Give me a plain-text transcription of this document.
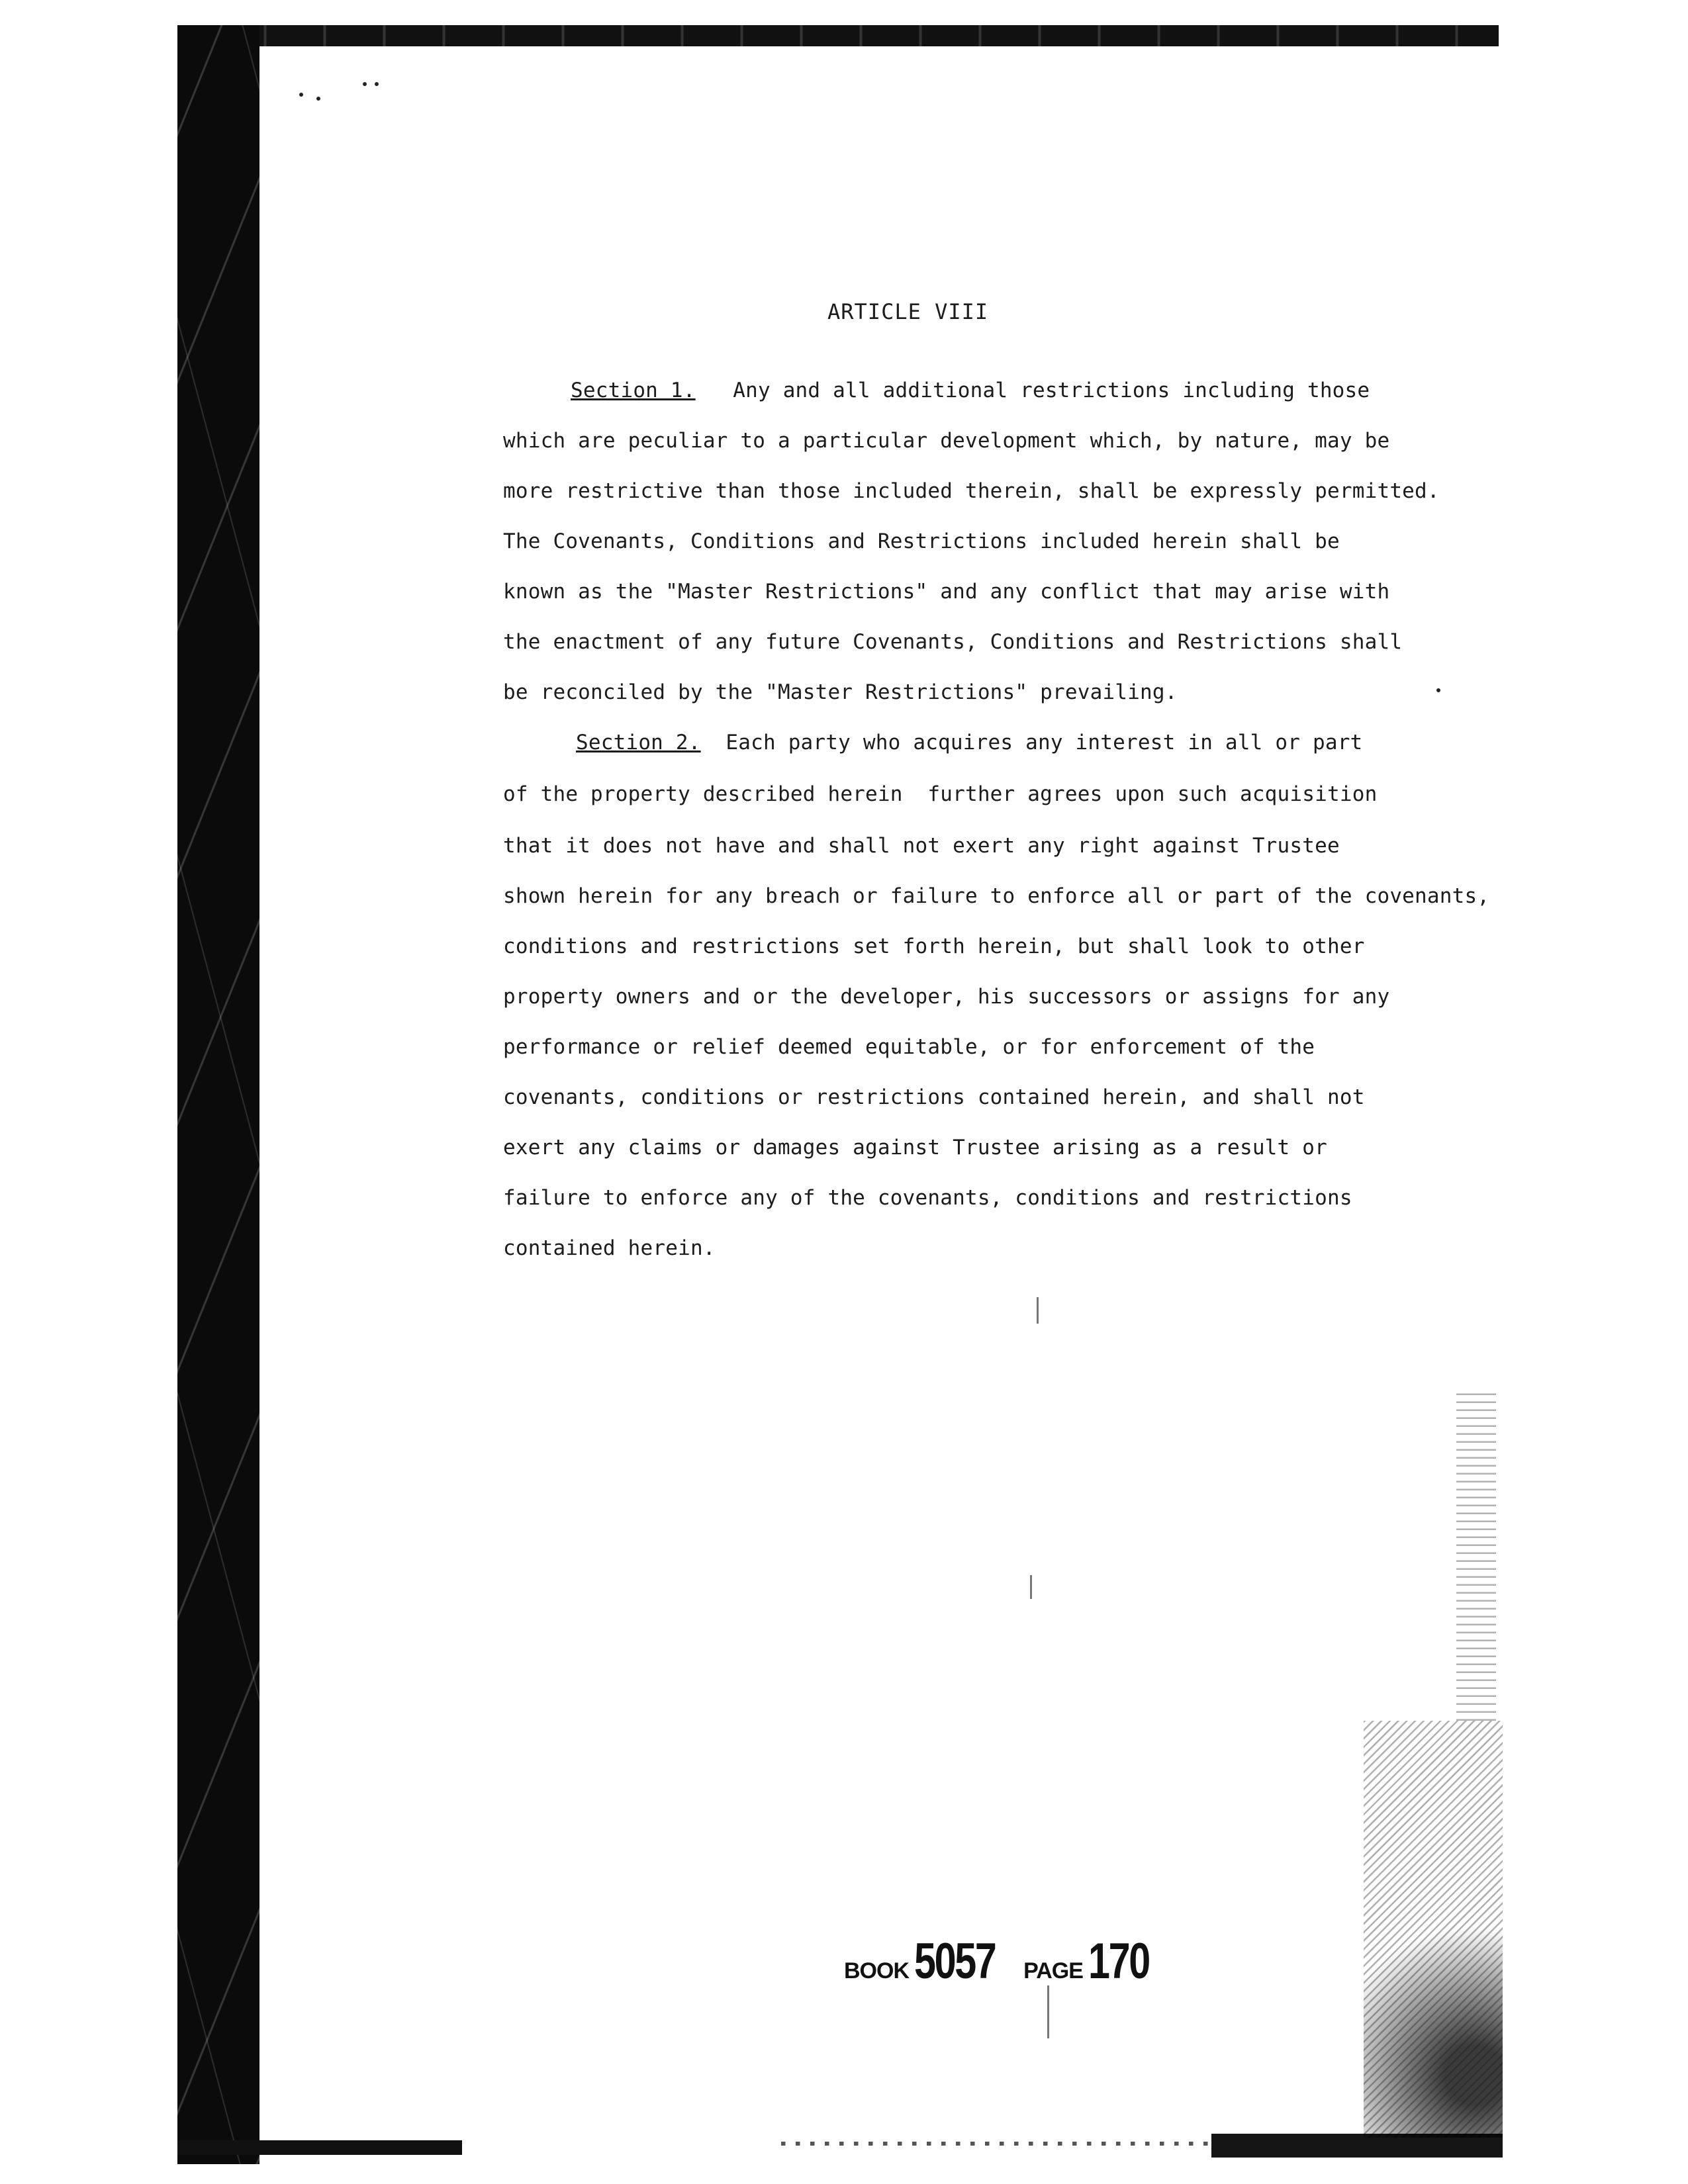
ARTICLE VIII
Section 1. Any and all additional restrictions including those
which are peculiar to a particular development which, by nature, may be
more restrictive than those included therein, shall be expressly permitted.
The Covenants, Conditions and Restrictions included herein shall be
known as the "Master Restrictions" and any conflict that may arise with
the enactment of any future Covenants, Conditions and Restrictions shall
be reconciled by the "Master Restrictions" prevailing.
Section 2. Each party who acquires any interest in all or part
of the property described herein  further agrees upon such acquisition
that it does not have and shall not exert any right against Trustee
shown herein for any breach or failure to enforce all or part of the covenants,
conditions and restrictions set forth herein, but shall look to other
property owners and or the developer, his successors or assigns for any
performance or relief deemed equitable, or for enforcement of the
covenants, conditions or restrictions contained herein, and shall not
exert any claims or damages against Trustee arising as a result or
failure to enforce any of the covenants, conditions and restrictions
contained herein.
BOOK 5057 PAGE 170
